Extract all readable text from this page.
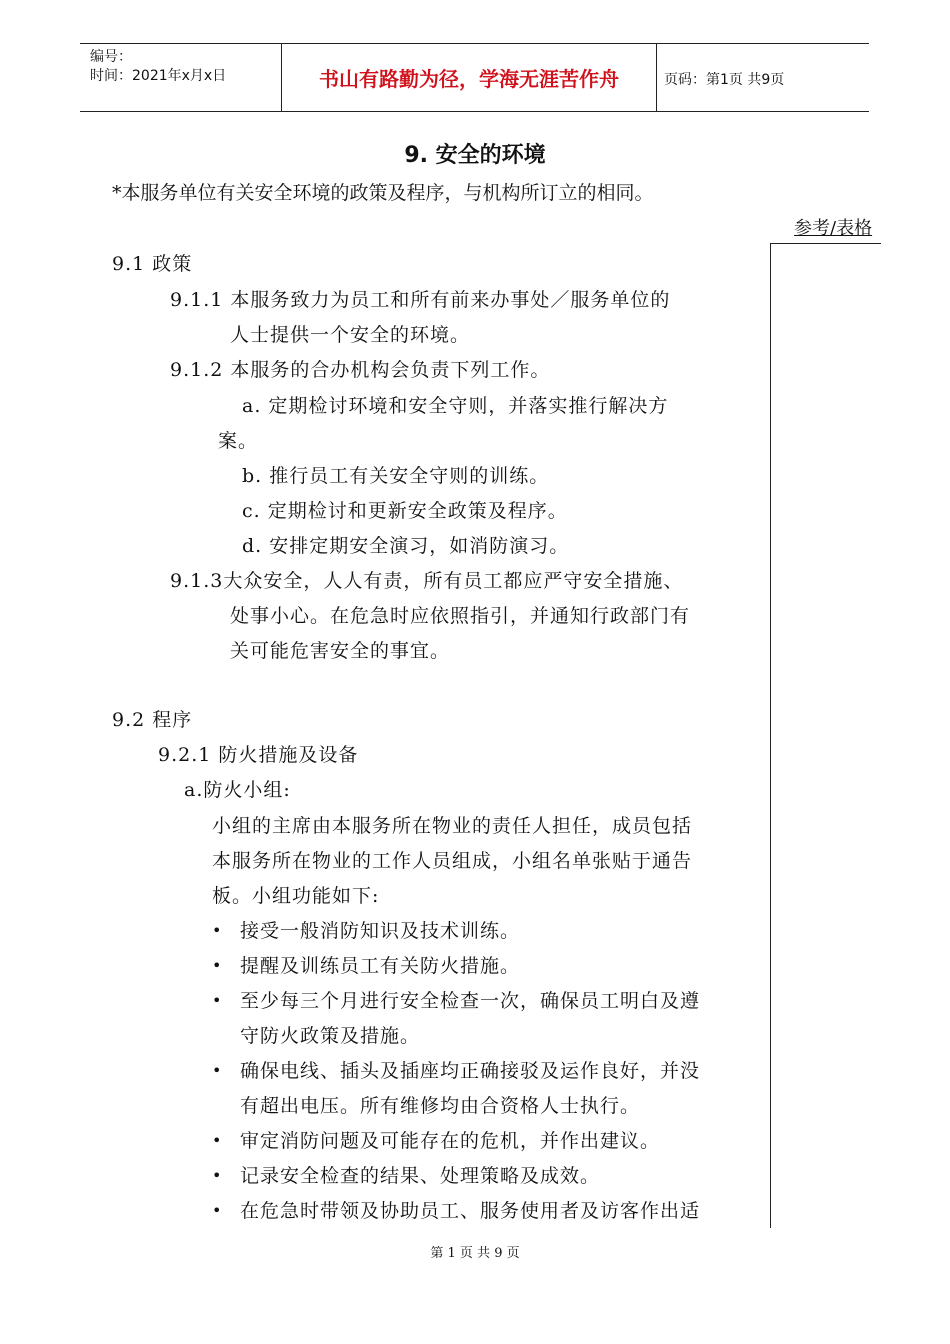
编号：
时间：2021年x月x日	书山有路勤为径，学海无涯苦作舟	页码：第1页 共9页
9. 安全的环境
*本服务单位有关安全环境的政策及程序，与机构所订立的相同。
参考/表格
9.1 政策
9.1.1 本服务致力为员工和所有前来办事处／服务单位的
人士提供一个安全的环境。
9.1.2 本服务的合办机构会负责下列工作。
a. 定期检讨环境和安全守则，并落实推行解决方
案。
b. 推行员工有关安全守则的训练。
c. 定期检讨和更新安全政策及程序。
d. 安排定期安全演习，如消防演习。
9.1.3大众安全，人人有责，所有员工都应严守安全措施、
处事小心。在危急时应依照指引，并通知行政部门有
关可能危害安全的事宜。
9.2 程序
9.2.1 防火措施及设备
a.防火小组:
小组的主席由本服务所在物业的责任人担任，成员包括
本服务所在物业的工作人员组成，小组名单张贴于通告
板。小组功能如下:
• 接受一般消防知识及技术训练。
• 提醒及训练员工有关防火措施。
• 至少每三个月进行安全检查一次，确保员工明白及遵
守防火政策及措施。
• 确保电线、插头及插座均正确接驳及运作良好，并没
有超出电压。所有维修均由合资格人士执行。
• 审定消防问题及可能存在的危机，并作出建议。
• 记录安全检查的结果、处理策略及成效。
• 在危急时带领及协助员工、服务使用者及访客作出适
第 1 页 共 9 页
